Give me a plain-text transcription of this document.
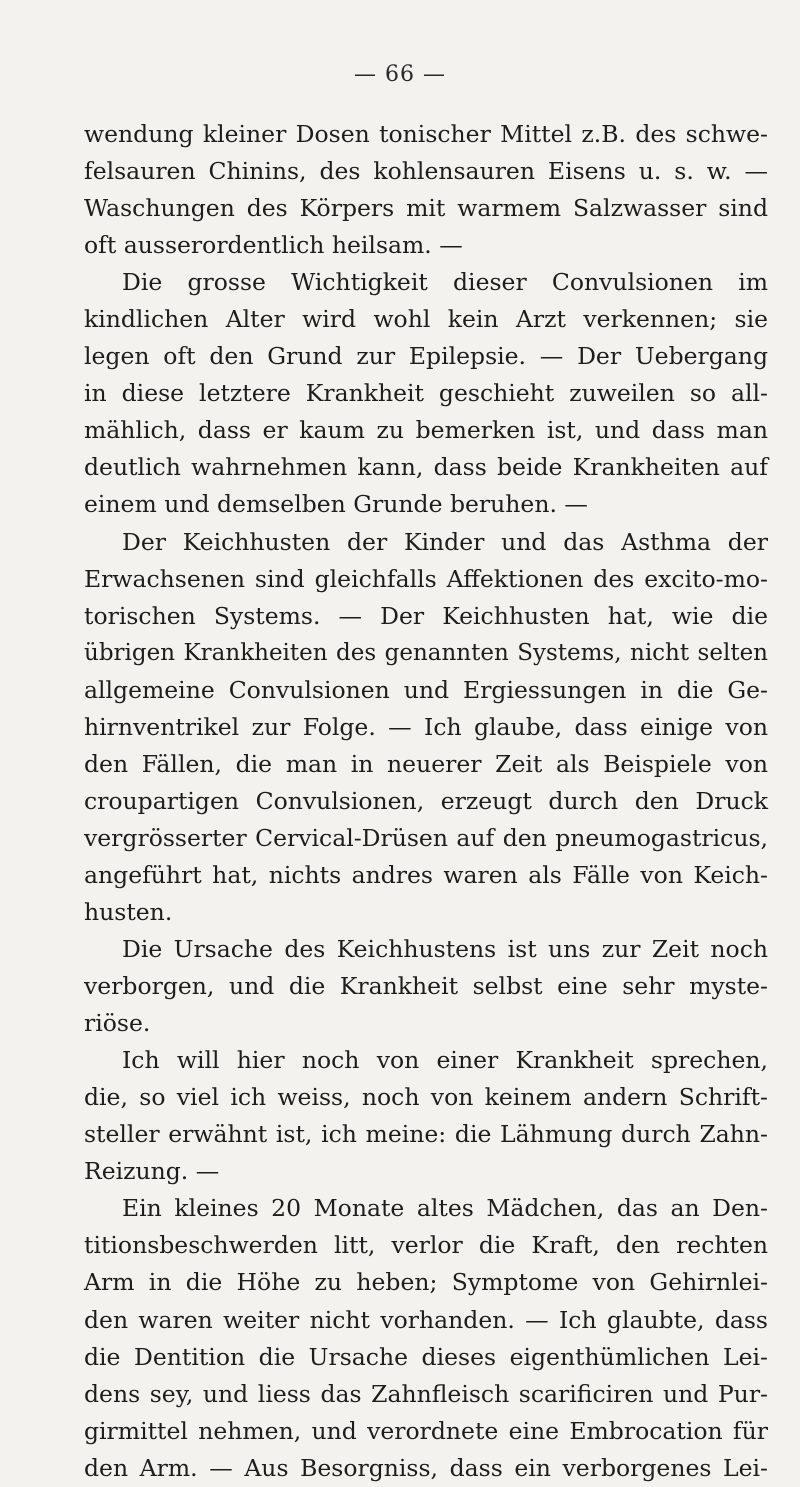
— 66 —
wendung kleiner Dosen tonischer Mittel z.B. des schwe-
felsauren Chinins, des kohlensauren Eisens u. s. w. —
Waschungen des Körpers mit warmem Salzwasser sind
oft ausserordentlich heilsam. —
Die grosse Wichtigkeit dieser Convulsionen im
kindlichen Alter wird wohl kein Arzt verkennen; sie
legen oft den Grund zur Epilepsie. — Der Uebergang
in diese letztere Krankheit geschieht zuweilen so all-
mählich, dass er kaum zu bemerken ist, und dass man
deutlich wahrnehmen kann, dass beide Krankheiten auf
einem und demselben Grunde beruhen. —
Der Keichhusten der Kinder und das Asthma der
Erwachsenen sind gleichfalls Affektionen des excito-mo-
torischen Systems. — Der Keichhusten hat, wie die
übrigen Krankheiten des genannten Systems, nicht selten
allgemeine Convulsionen und Ergiessungen in die Ge-
hirnventrikel zur Folge. — Ich glaube, dass einige von
den Fällen, die man in neuerer Zeit als Beispiele von
croupartigen Convulsionen, erzeugt durch den Druck
vergrösserter Cervical-Drüsen auf den pneumogastricus,
angeführt hat, nichts andres waren als Fälle von Keich-
husten.
Die Ursache des Keichhustens ist uns zur Zeit noch
verborgen, und die Krankheit selbst eine sehr myste-
riöse.
Ich will hier noch von einer Krankheit sprechen,
die, so viel ich weiss, noch von keinem andern Schrift-
steller erwähnt ist, ich meine: die Lähmung durch Zahn-
Reizung. —
Ein kleines 20 Monate altes Mädchen, das an Den-
titionsbeschwerden litt, verlor die Kraft, den rechten
Arm in die Höhe zu heben; Symptome von Gehirnlei-
den waren weiter nicht vorhanden. — Ich glaubte, dass
die Dentition die Ursache dieses eigenthümlichen Lei-
dens sey, und liess das Zahnfleisch scarificiren und Pur-
girmittel nehmen, und verordnete eine Embrocation für
den Arm. — Aus Besorgniss, dass ein verborgenes Lei-
